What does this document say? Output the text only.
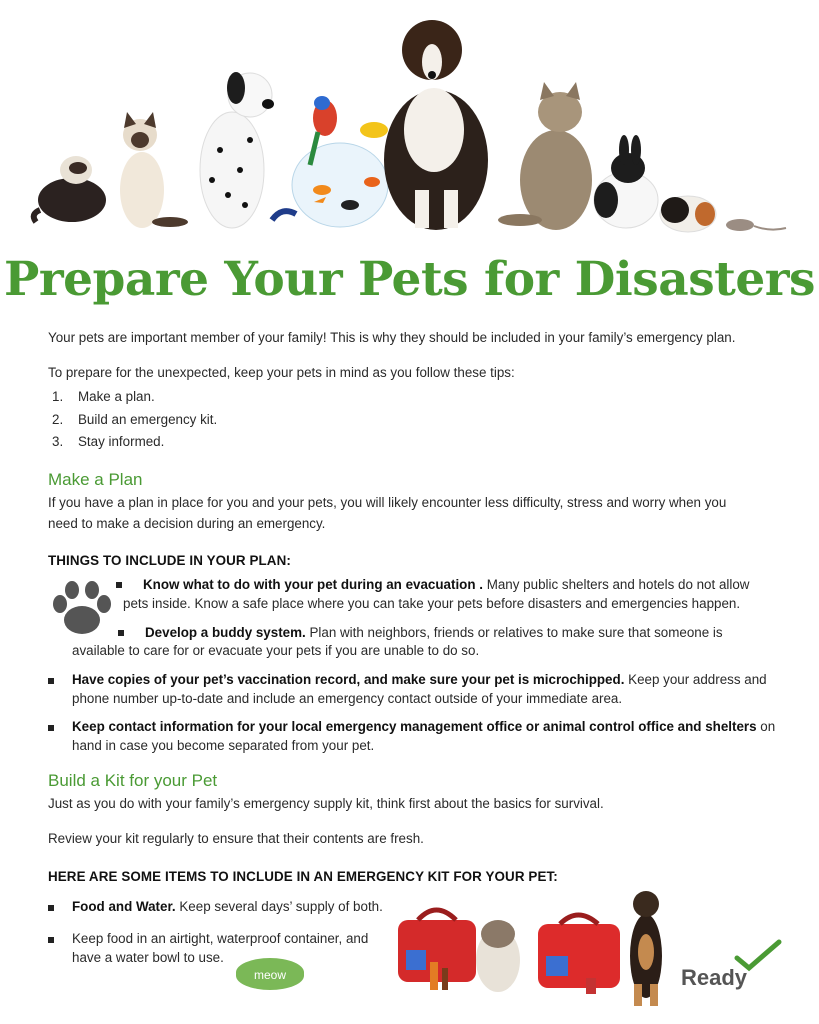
Prepare Your Pets for Disasters

Your pets are important member of your family! This is why they should be included in your family’s emergency plan.

To prepare for the unexpected, keep your pets in mind as you follow these tips:

1. Make a plan.
2. Build an emergency kit.
3. Stay informed.
Make a Plan

If you have a plan in place for you and your pets, you will likely encounter less difficulty, stress and worry when you

need to make a decision during an emergency.

THINGS TO INCLUDE IN YOUR PLAN:

Know what to do with your pet during an evacuation . Many public shelters and hotels do not allow

pets inside. Know a safe place where you can take your pets before disasters and emergencies happen.

Develop a buddy system. Plan with neighbors, friends or relatives to make sure that someone is

available to care for or evacuate your pets if you are unable to do so.

Have copies of your pet’s vaccination record, and make sure your pet is microchipped. Keep your address and

phone number up-to-date and include an emergency contact outside of your immediate area.

Keep contact information for your local emergency management office or animal control office and shelters on

hand in case you become separated from your pet.

Build a Kit for your Pet

Just as you do with your family’s emergency supply kit, think first about the basics for survival.

Review your kit regularly to ensure that their contents are fresh.

HERE ARE SOME ITEMS TO INCLUDE IN AN EMERGENCY KIT FOR YOUR PET:

Food and Water. Keep several days’ supply of both.

Keep food in an airtight, waterproof container, and

have a water bowl to use.

meow	Ready
